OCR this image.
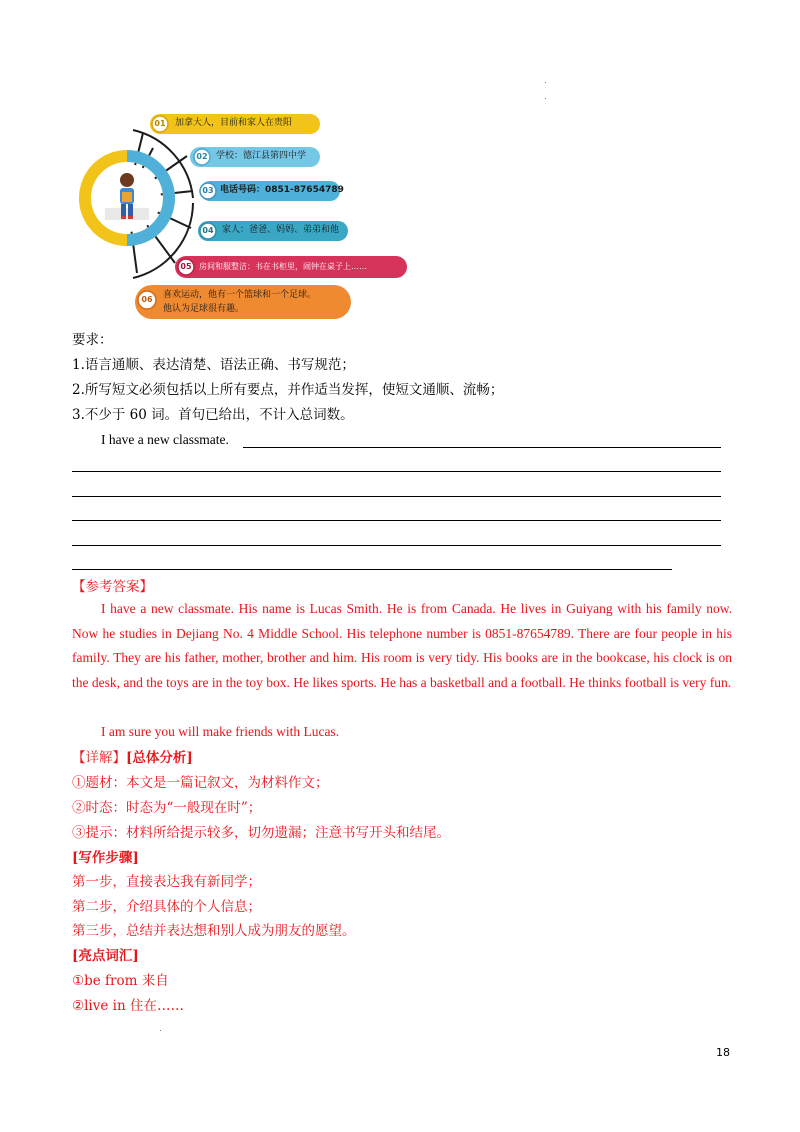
01
02
03
04
05
06
加拿大人，目前和家人在贵阳
学校：德江县第四中学
电话号码：0851-87654789
家人：爸爸、妈妈、弟弟和他
房间和服整洁：书在书柜里，闹钟在桌子上……
喜欢运动，他有一个篮球和一个足球。
他认为足球很有趣。
要求：
1.语言通顺、表达清楚、语法正确、书写规范；
2.所写短文必须包括以上所有要点，并作适当发挥，使短文通顺、流畅；
3.不少于 60 词。首句已给出，不计入总词数。
I have a new classmate.
【参考答案】
I have a new classmate. His name is Lucas Smith. He is from Canada. He lives in Guiyang with his family now. Now he studies in Dejiang No. 4 Middle School. His telephone number is 0851-87654789. There are four people in his family. They are his father, mother, brother and him. His room is very tidy. His books are in the bookcase, his clock is on the desk, and the toys are in the toy box. He likes sports. He has a basketball and a football. He thinks football is very fun.
I am sure you will make friends with Lucas.
【详解】[总体分析]
①题材：本文是一篇记叙文，为材料作文；
②时态：时态为“一般现在时”；
③提示：材料所给提示较多，切勿遗漏；注意书写开头和结尾。
[写作步骤]
第一步，直接表达我有新同学；
第二步，介绍具体的个人信息；
第三步，总结并表达想和别人成为朋友的愿望。
[亮点词汇]
①be from 来自
②live in 住在……
18
